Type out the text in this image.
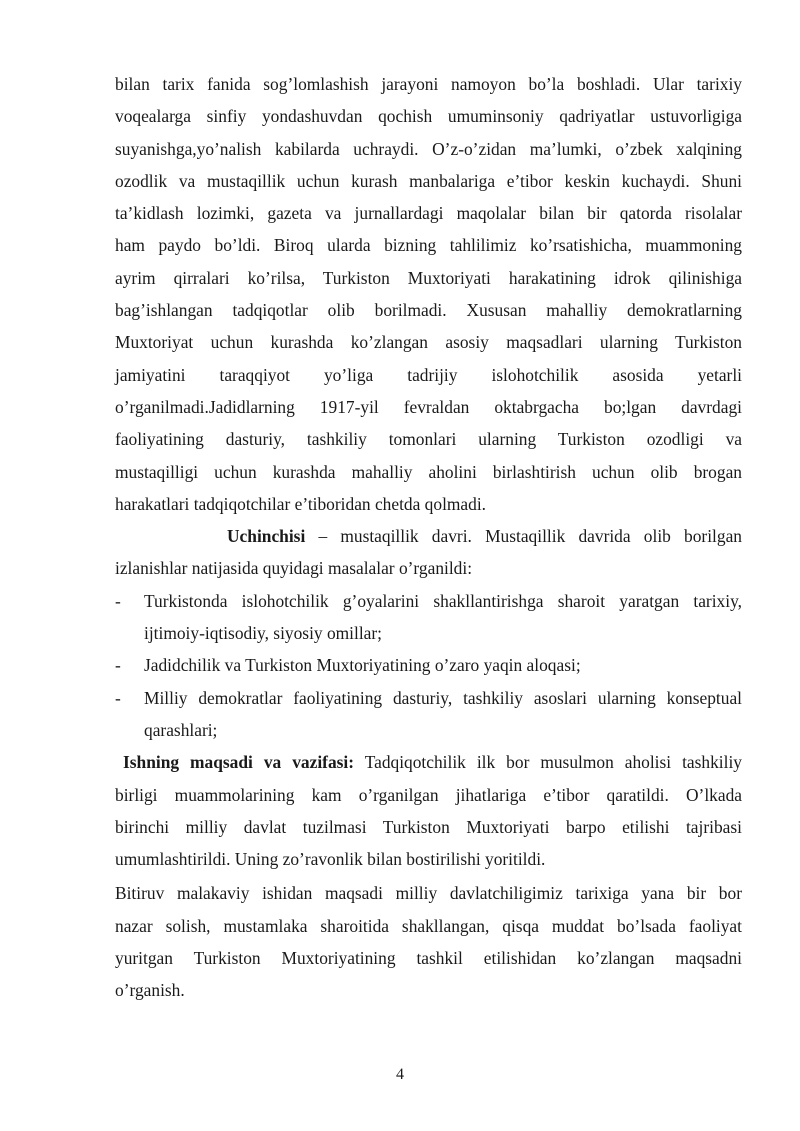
bilan tarix fanida sog’lomlashish jarayoni namoyon bo’la boshladi. Ular tarixiy

voqealarga sinfiy yondashuvdan qochish umuminsoniy qadriyatlar ustuvorligiga

suyanishga,yo’nalish kabilarda uchraydi. O’z-o’zidan ma’lumki, o’zbek xalqining

ozodlik va mustaqillik uchun kurash manbalariga e’tibor keskin kuchaydi. Shuni

ta’kidlash lozimki, gazeta va jurnallardagi maqolalar bilan bir qatorda risolalar

ham paydo bo’ldi. Biroq ularda bizning tahlilimiz ko’rsatishicha, muammoning

ayrim qirralari ko’rilsa, Turkiston Muxtoriyati harakatining idrok qilinishiga

bag’ishlangan tadqiqotlar olib borilmadi. Xususan mahalliy demokratlarning

Muxtoriyat uchun kurashda ko’zlangan asosiy maqsadlari ularning Turkiston

jamiyatini taraqqiyot yo’liga tadrijiy islohotchilik asosida yetarli

o’rganilmadi.Jadidlarning 1917-yil fevraldan oktabrgacha bo;lgan davrdagi

faoliyatining dasturiy, tashkiliy tomonlari ularning Turkiston ozodligi va

mustaqilligi uchun kurashda mahalliy aholini birlashtirish uchun olib brogan

harakatlari tadqiqotchilar e’tiboridan chetda qolmadi.

Uchinchisi – mustaqillik davri. Mustaqillik davrida olib borilgan

izlanishlar natijasida quyidagi masalalar o’rganildi:

-	Turkistonda islohotchilik g’oyalarini shakllantirishga sharoit yaratgan tarixiy,

ijtimoiy-iqtisodiy, siyosiy omillar;

-	Jadidchilik va Turkiston Muxtoriyatining o’zaro yaqin aloqasi;

-	Milliy demokratlar faoliyatining dasturiy, tashkiliy asoslari ularning konseptual

qarashlari;

Ishning maqsadi va vazifasi: Tadqiqotchilik ilk bor musulmon aholisi tashkiliy

birligi muammolarining kam o’rganilgan jihatlariga e’tibor qaratildi. O’lkada

birinchi milliy davlat tuzilmasi Turkiston Muxtoriyati barpo etilishi tajribasi

umumlashtirildi. Uning zo’ravonlik bilan bostirilishi yoritildi.

Bitiruv malakaviy ishidan maqsadi milliy davlatchiligimiz tarixiga yana bir bor

nazar solish, mustamlaka sharoitida shakllangan, qisqa muddat bo’lsada faoliyat

yuritgan Turkiston Muxtoriyatining tashkil etilishidan ko’zlangan maqsadni

o’rganish.

4
